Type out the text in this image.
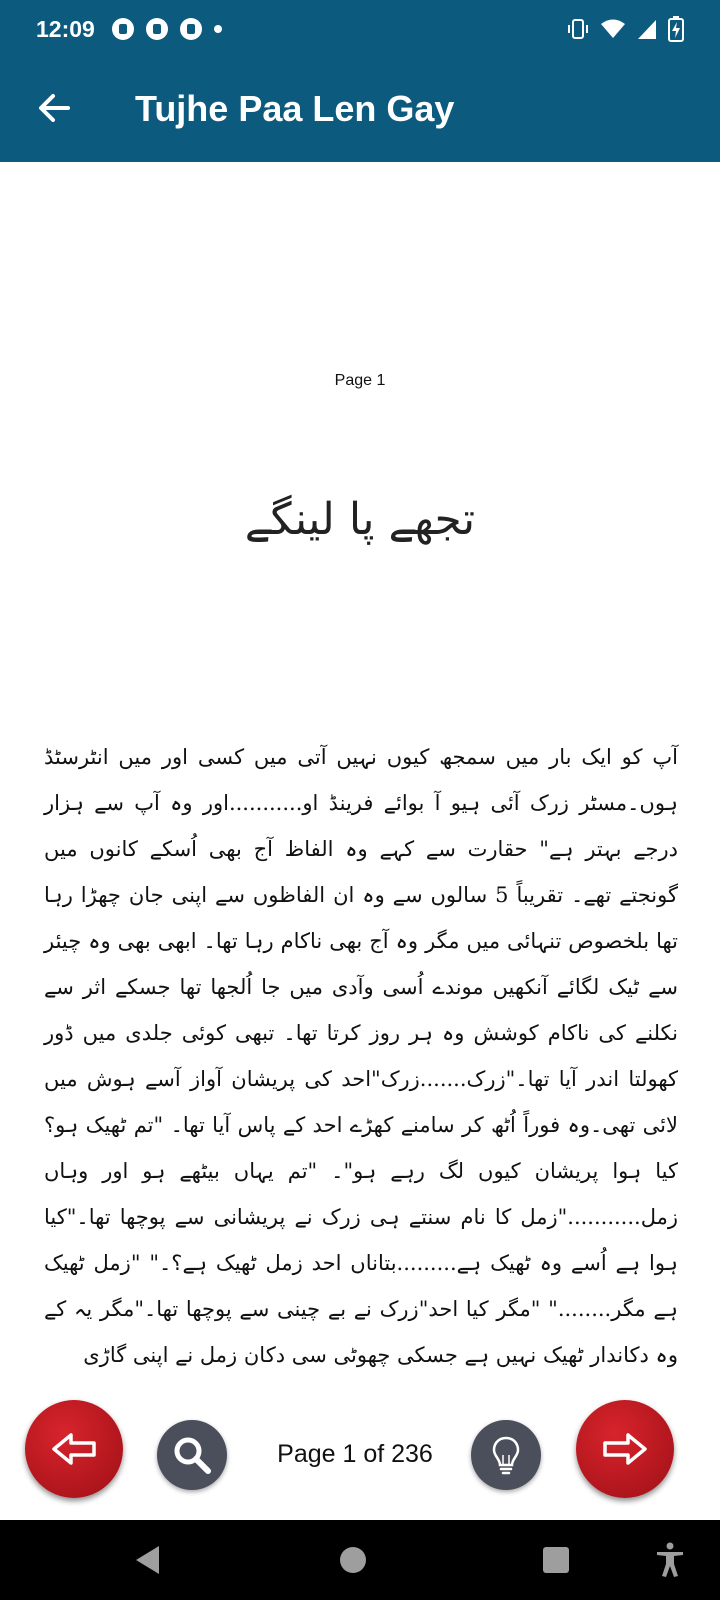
12:09
Tujhe Paa Len Gay
Page 1
تجھے پا لینگے
آپ کو ایک بار میں سمجھ کیوں نہیں آتی میں کسی اور میں انٹرسٹڈ ہوں۔مسٹر زرک آئی ہیو آ بوائے فرینڈ او...........اور وہ آپ سے ہزار درجے بہتر ہے" حقارت سے کہے وہ الفاظ آج بھی اُسکے کانوں میں گونجتے تھے۔ تقریباً 5 سالوں سے وہ ان الفاظوں سے اپنی جان چھڑا رہا تھا بلخصوص تنہائی میں مگر وہ آج بھی ناکام رہا تھا۔ ابھی بھی وہ چیئر سے ٹیک لگائے آنکھیں موندے اُسی وآدی میں جا اُلجھا تھا جسکے اثر سے نکلنے کی ناکام کوشش وہ ہر روز کرتا تھا۔ تبھی کوئی جلدی میں ڈور کھولتا اندر آیا تھا۔"زرک.......زرک"احد کی پریشان آواز آسے ہوش میں لائی تھی۔وہ فوراً اُٹھ کر سامنے کھڑے احد کے پاس آیا تھا۔ "تم ٹھیک ہو؟ کیا ہوا پریشان کیوں لگ رہے ہو"۔ "تم یہاں بیٹھے ہو اور وہاں زمل..........."زمل کا نام سنتے ہی زرک نے پریشانی سے پوچھا تھا۔"کیا ہوا ہے اُسے وہ ٹھیک ہے.........بتاناں احد زمل ٹھیک ہے؟۔" "زمل ٹھیک ہے مگر........" "مگر کیا احد"زرک نے بے چینی سے پوچھا تھا۔"مگر یہ کے وہ دکاندار ٹھیک نہیں ہے جسکی چھوٹی سی دکان زمل نے اپنی گاڑی
Page 1 of 236
